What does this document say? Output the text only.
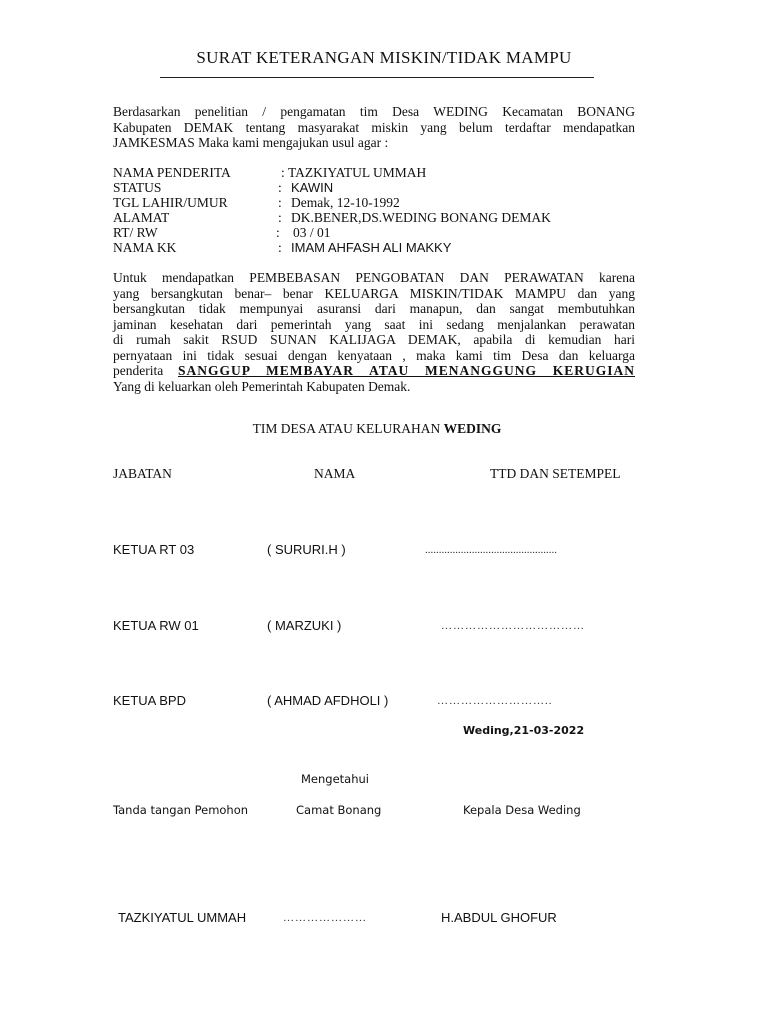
SURAT KETERANGAN MISKIN/TIDAK MAMPU
Berdasarkan penelitian / pengamatan tim Desa WEDING Kecamatan BONANG
Kabupaten DEMAK tentang masyarakat miskin yang belum terdaftar mendapatkan
JAMKESMAS Maka kami mengajukan usul agar :
NAMA PENDERITA	: TAZKIYATUL UMMAH
STATUS	: KAWIN
TGL LAHIR/UMUR	: Demak, 12-10-1992
ALAMAT	: DK.BENER,DS.WEDING BONANG DEMAK
RT/ RW	: 03 / 01
NAMA KK	: IMAM AHFASH ALI MAKKY
Untuk mendapatkan PEMBEBASAN PENGOBATAN DAN PERAWATAN karena
yang bersangkutan benar– benar KELUARGA MISKIN/TIDAK MAMPU dan yang
bersangkutan tidak mempunyai asuransi dari manapun, dan sangat membutuhkan
jaminan kesehatan dari pemerintah yang saat ini sedang menjalankan perawatan
di rumah sakit RSUD SUNAN KALIJAGA DEMAK, apabila di kemudian hari
pernyataan ini tidak sesuai dengan kenyataan , maka kami tim Desa dan keluarga
penderita SANGGUP MEMBAYAR ATAU MENANGGUNG KERUGIAN
Yang di keluarkan oleh Pemerintah Kabupaten Demak.
TIM DESA ATAU KELURAHAN WEDING
JABATAN	NAMA	TTD DAN SETEMPEL
KETUA RT 03	( SURURI.H )	................................................
KETUA RW 01	( MARZUKI )	………………………………
KETUA BPD	( AHMAD AFDHOLI )	………………………..
Weding,21-03-2022
Mengetahui
Tanda tangan Pemohon	Camat Bonang	Kepala Desa Weding
TAZKIYATUL UMMAH	…………………	H.ABDUL GHOFUR
